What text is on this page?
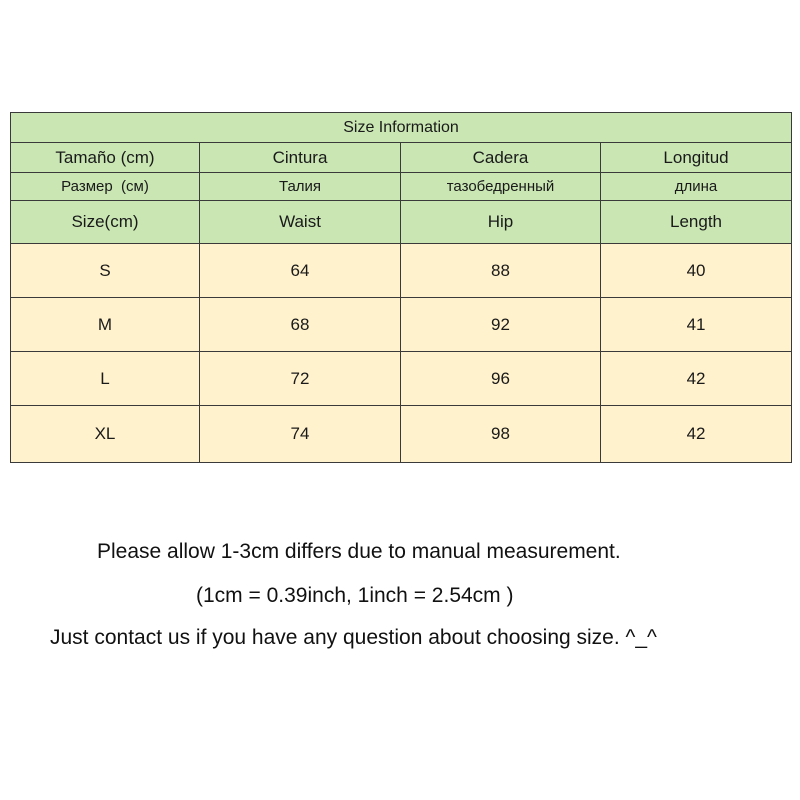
Size Information			
Tamaño (cm)	Cintura	Cadera	Longitud
Размер  (см)	Талия	тазобедренный	длина
Size(cm)	Waist	Hip	Length
S	64	88	40
M	68	92	41
L	72	96	42
XL	74	98	42
Please allow 1-3cm differs due to manual measurement.
(1cm = 0.39inch, 1inch = 2.54cm )
Just contact us if you have any question about choosing size. ^_^
